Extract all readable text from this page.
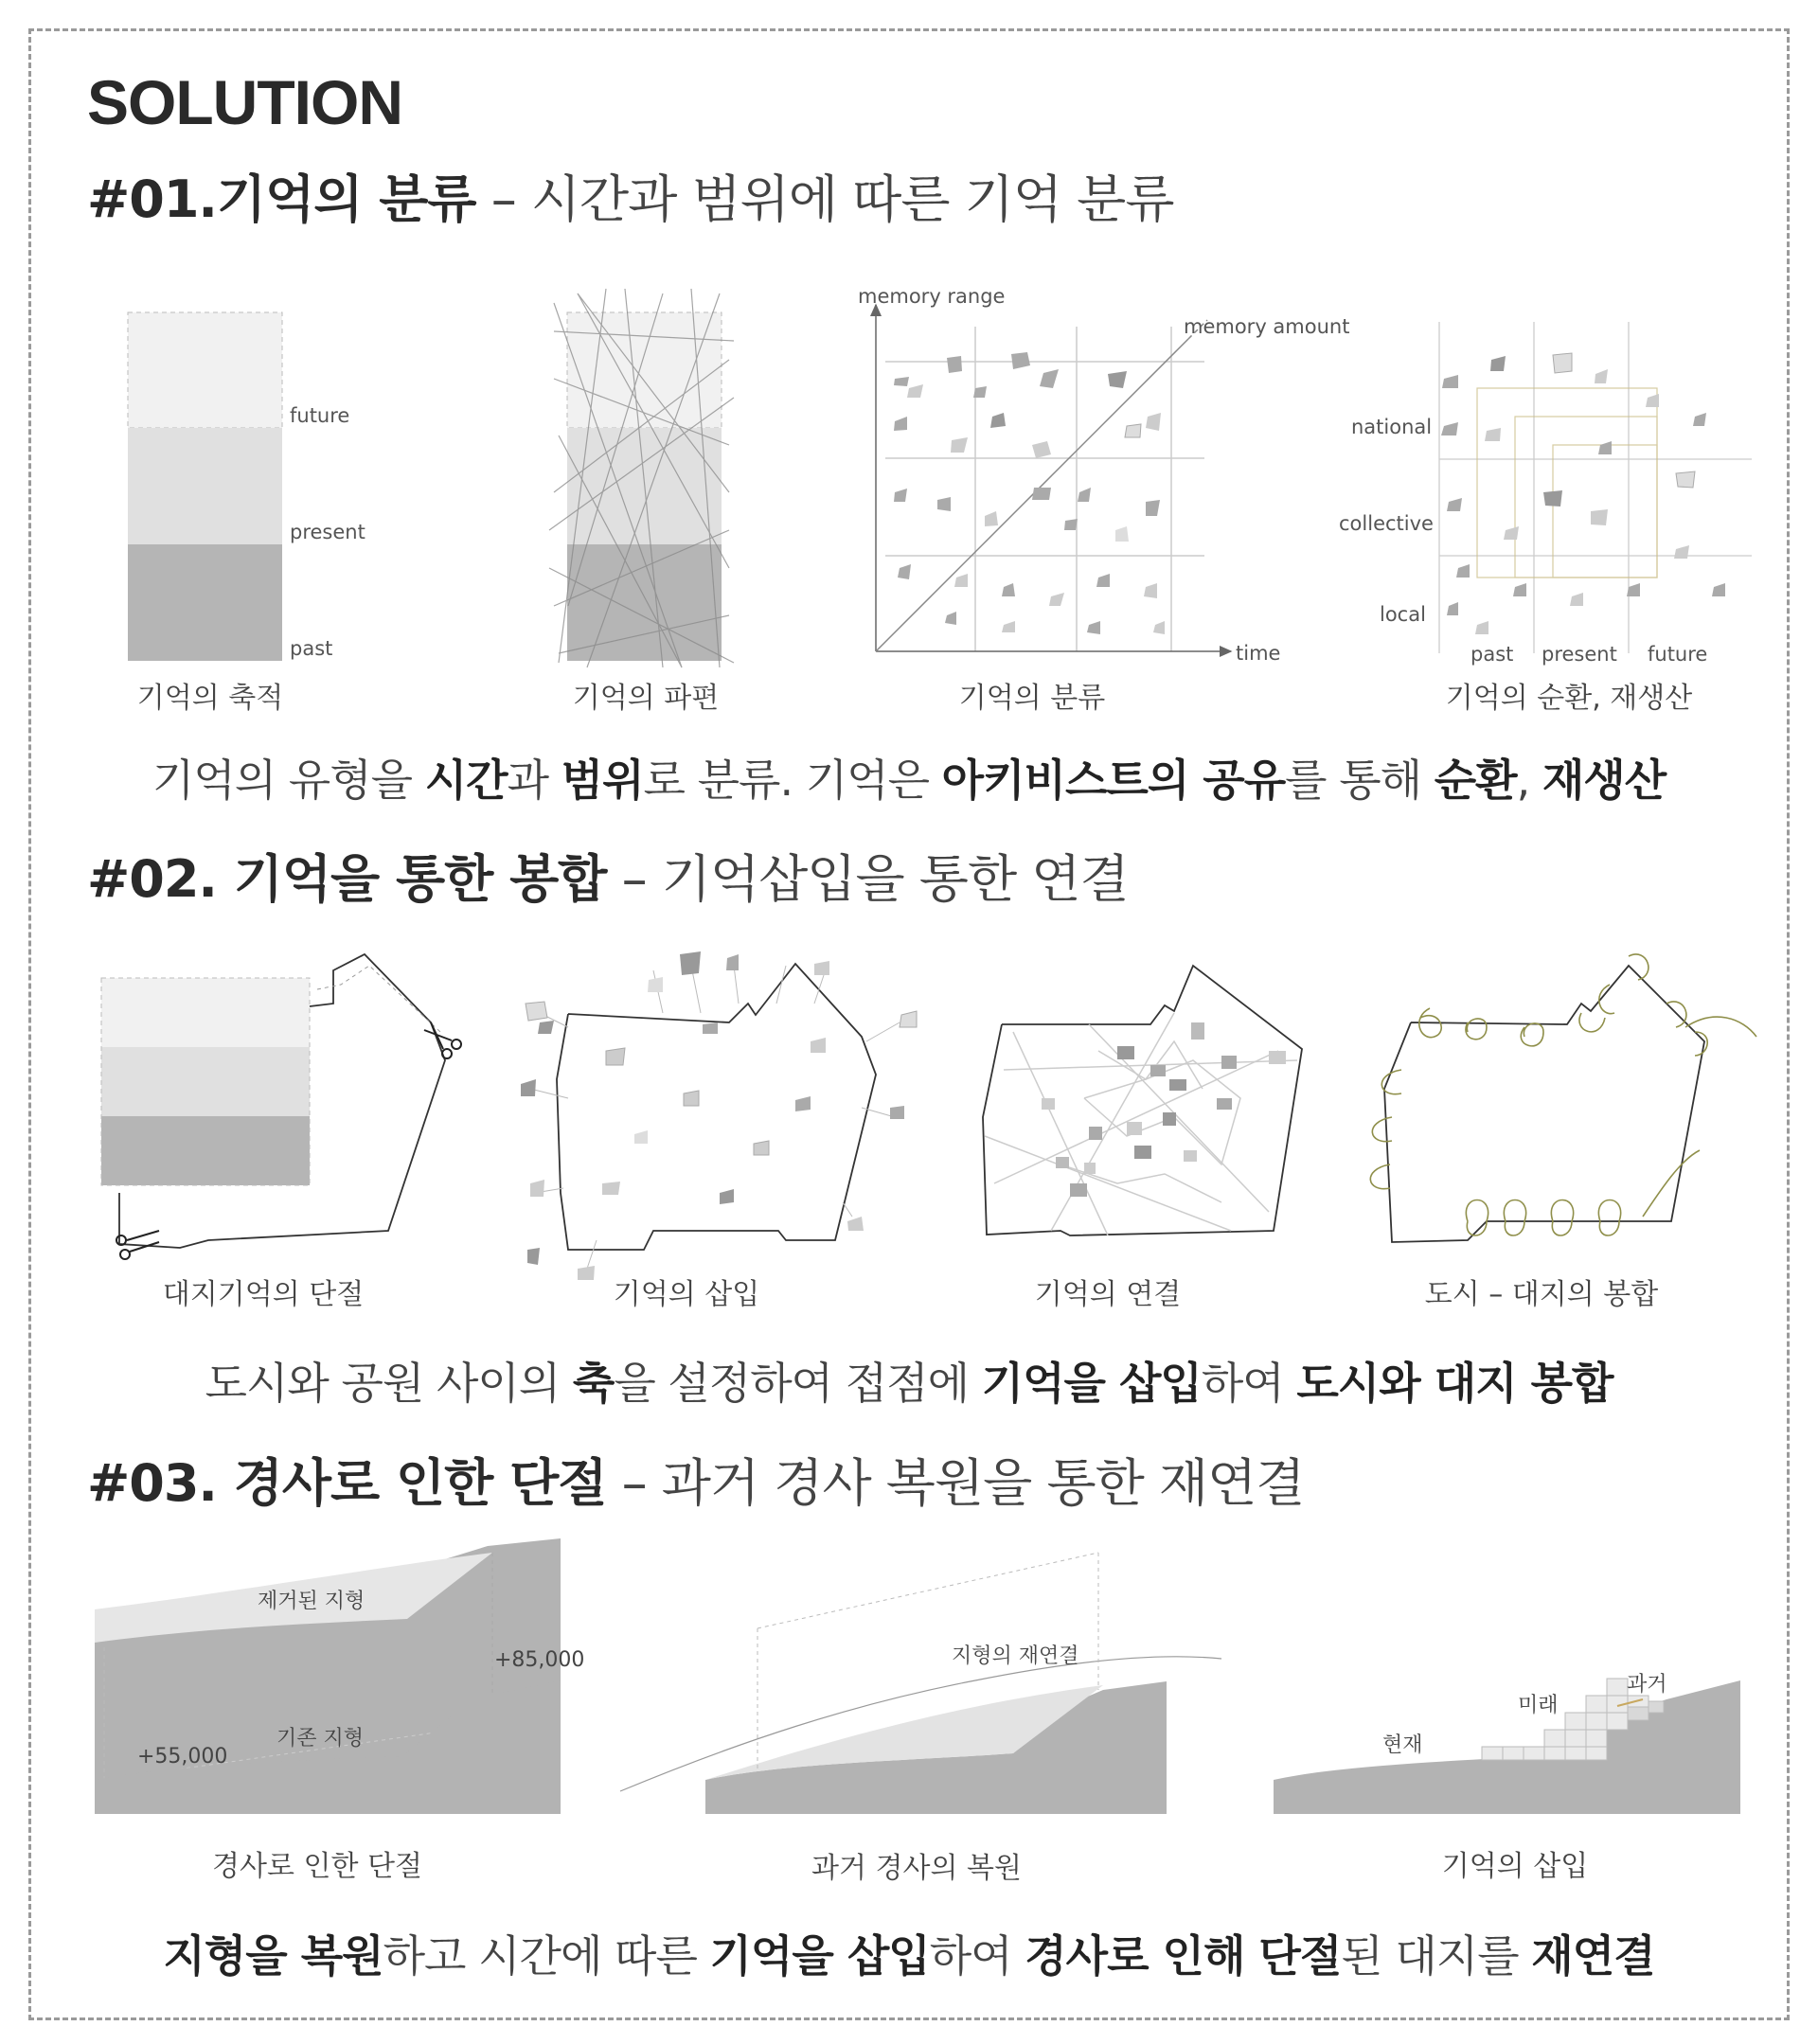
SOLUTION
#01.기억의 분류 – 시간과 범위에 따른 기억 분류
#02. 기억을 통한 봉합 – 기억삽입을 통한 연결
#03. 경사로 인한 단절 – 과거 경사 복원을 통한 재연결
기억의 유형을 시간과 범위로 분류. 기억은 아키비스트의 공유를 통해 순환, 재생산
도시와 공원 사이의 축을 설정하여 접점에 기억을 삽입하여 도시와 대지 봉합
지형을 복원하고 시간에 따른 기억을 삽입하여 경사로 인해 단절된 대지를 재연결
future
present
past
memory range
memory amount
time
national
collective
local
past present future
기억의 축적	기억의 파편	기억의 분류	기억의 순환, 재생산
대지기억의 단절	기억의 삽입	기억의 연결	도시 – 대지의 봉합
제거된 지형
기존 지형
+85,000
+55,000
지형의 재연결
현재
미래
과거
경사로 인한 단절	과거 경사의 복원	기억의 삽입
